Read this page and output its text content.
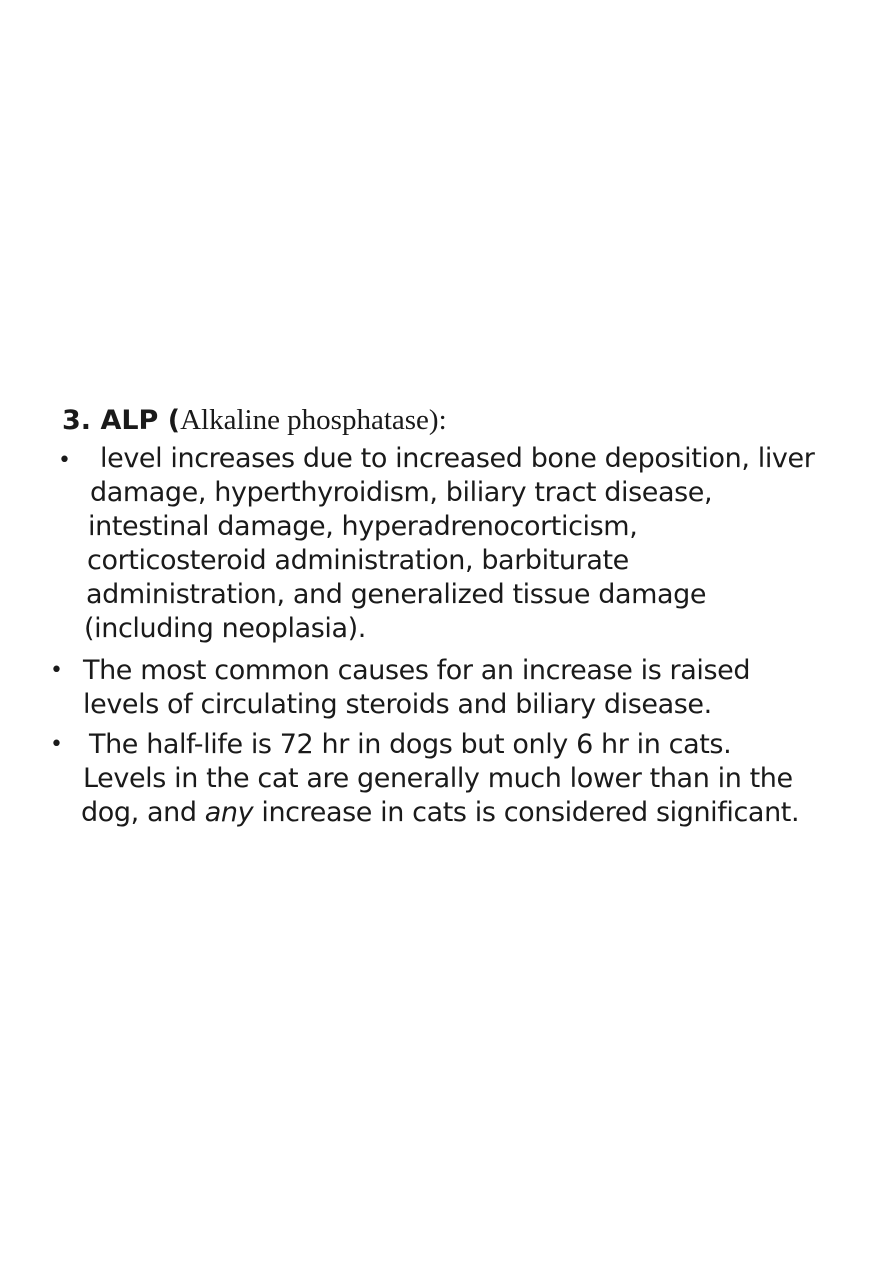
3. ALP (Alkaline phosphatase):
• level increases due to increased bone deposition, liver
damage, hyperthyroidism, biliary tract disease,
intestinal damage, hyperadrenocorticism,
corticosteroid administration, barbiturate
administration, and generalized tissue damage
(including neoplasia).
• The most common causes for an increase is raised
levels of circulating steroids and biliary disease.
• The half-life is 72 hr in dogs but only 6 hr in cats.
Levels in the cat are generally much lower than in the
dog, and any increase in cats is considered significant.
